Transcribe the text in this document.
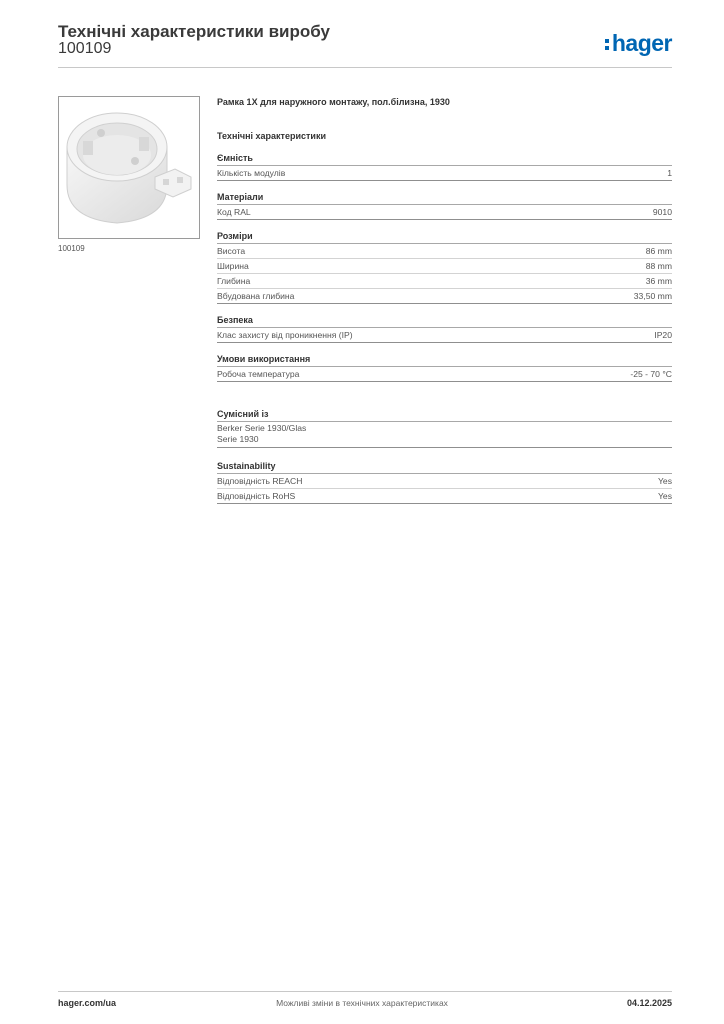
Технічні характеристики виробу
100109	hager
100109
Рамка 1X для наружного монтажу, пол.білизна, 1930
Технічні характеристики
Ємність
Кількість модулів	1
Матеріали
Код RAL	9010
Розміри
Висота	86 mm
Ширина	88 mm
Глибина	36 mm
Вбудована глибина	33,50 mm
Безпека
Клас захисту від проникнення (IP)	IP20
Умови використання
Робоча температура	-25 - 70 °C
Сумісний із
Berker Serie 1930/Glas
Serie 1930
Sustainability
Відповідність REACH	Yes
Відповідність RoHS	Yes
hager.com/ua	Можливі зміни в технічних характеристиках	04.12.2025
